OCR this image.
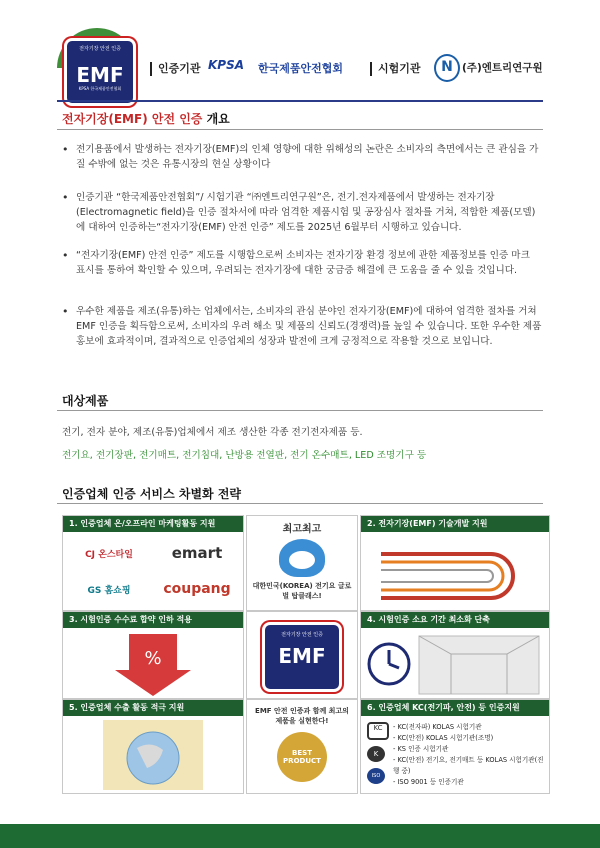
전자기장 안전 인증
EMF
KPSA 한국제품안전협회
인증기관 KPSA 한국제품안전협회	시험기관	N (주)엔트리연구원
전자기장(EMF) 안전 인증 개요
• 전기용품에서 발생하는 전자기장(EMF)의 인체 영향에 대한 위해성의 논란은 소비자의 측면에서는 큰 관심을 가질 수밖에 없는 것은 유통시장의 현실 상황이다
• 인증기관 “한국제품안전협회”/ 시험기관 “㈜엔트리연구원”은, 전기.전자제품에서 발생하는 전자기장(Electromagnetic field)을 인증 절차서에 따라 엄격한 제품시험 및 공장심사 절차를 거쳐, 적합한 제품(모델)에 대하여 인증하는“전자기장(EMF) 안전 인증” 제도를 2025년 6월부터 시행하고 있습니다.
• “전자기장(EMF) 안전 인증” 제도를 시행함으로써 소비자는 전자기장 환경 정보에 관한 제품정보를 인증 마크 표시를 통하여 확인할 수 있으며, 우려되는 전자기장에 대한 궁금증 해결에 큰 도움을 줄 수 있을 것입니다.
• 우수한 제품을 제조(유통)하는 업체에서는, 소비자의 관심 분야인 전자기장(EMF)에 대하여 엄격한 절차를 거쳐 EMF 인증을 획득함으로써, 소비자의 우려 해소 및 제품의 신뢰도(경쟁력)를 높일 수 있습니다. 또한 우수한 제품 홍보에 효과적이며, 결과적으로 인증업체의 성장과 발전에 크게 긍정적으로 작용할 것으로 보입니다.
대상제품
전기, 전자 분야, 제조(유통)업체에서 제조 생산한 각종 전기전자제품 등.
전기요, 전기장판, 전기매트, 전기침대, 난방용 전열판, 전기 온수매트, LED 조명기구 등
인증업체 인증 서비스 차별화 전략
1. 인증업체 온/오프라인 마케팅활동 지원
CJ 온스타일	emart
GS 홈쇼핑	coupang
최고최고
대한민국(KOREA) 전기요 글로벌 탑클래스!
2. 전자기장(EMF) 기술개발 지원
3. 시험인증 수수료 합약 인하 적용
%
전자기장 안전 인증
EMF
4. 시험인증 소요 기간 최소화 단축
5. 인증업체 수출 활동 적극 지원	EMF 안전 인증과 함께 최고의 제품을 실현한다!
BEST PRODUCT
6. 인증업체 KC(전기파, 안전) 등 인증지원
KC
K
ISO
- KC(전자파) KOLAS 시험기관
- KC(안전) KOLAS 시험기관(조명)
- KS 인증 시험기관
- KC(안전) 전기요, 전기매트 등 KOLAS 시험기관(진행 중)
- ISO 9001 등 인증기관
